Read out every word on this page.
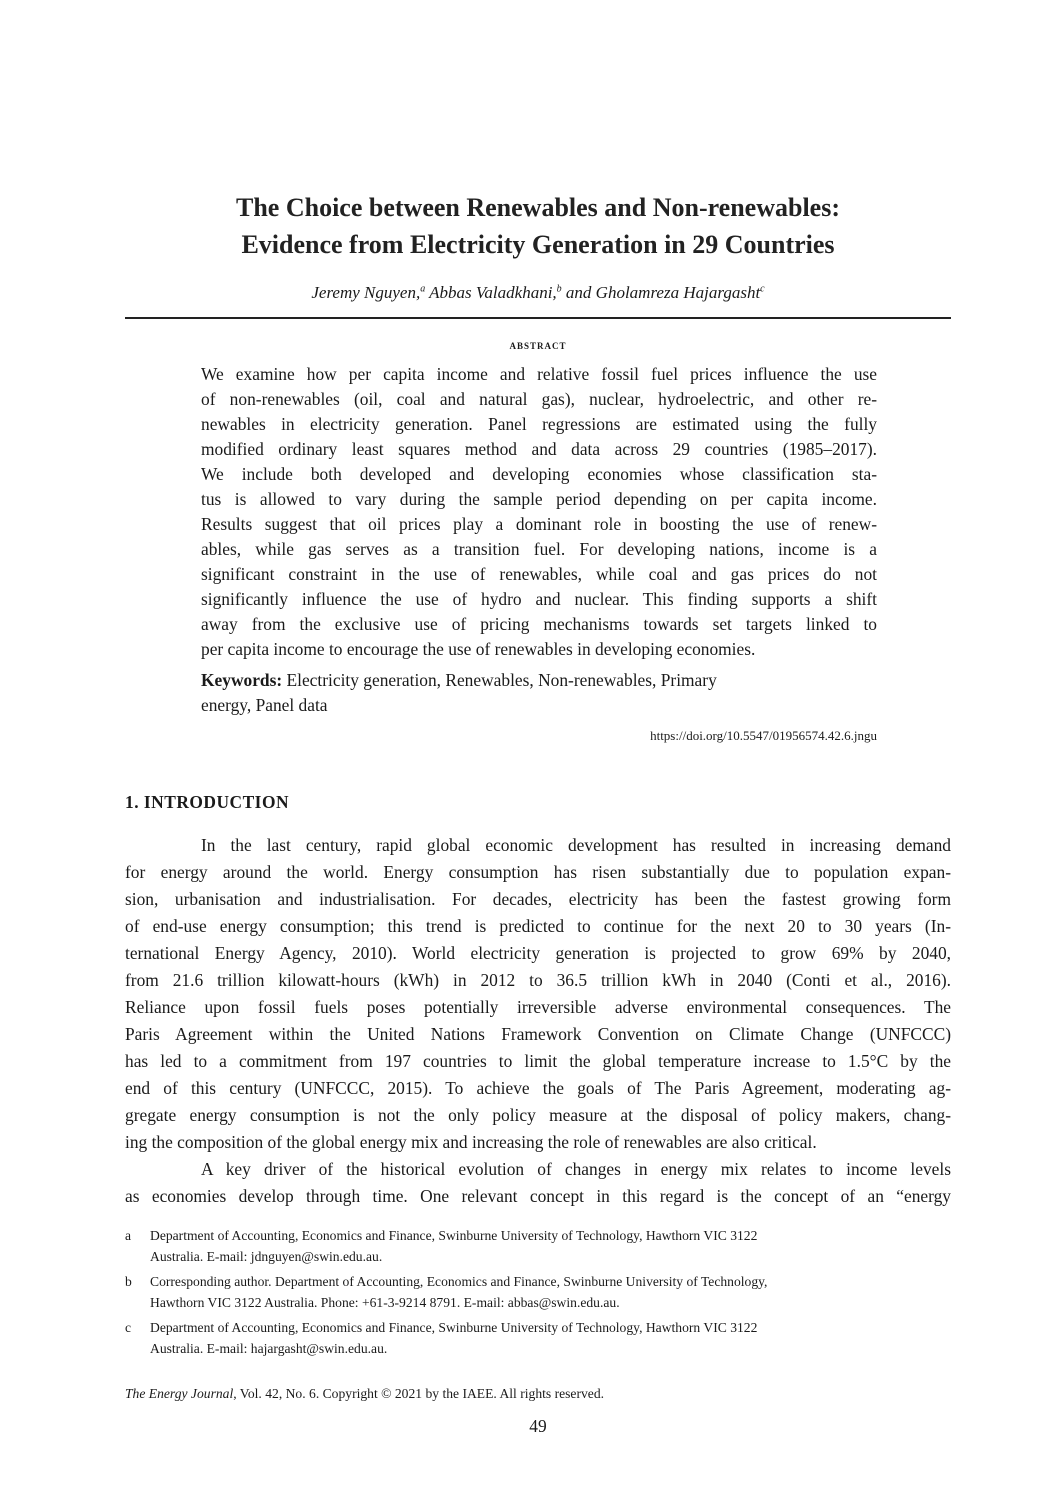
The Choice between Renewables and Non-renewables:
Evidence from Electricity Generation in 29 Countries
Jeremy Nguyen,$^a$ Abbas Valadkhani,$^b$ and Gholamreza Hajargasht$^c$
abstract
We examine how per capita income and relative fossil fuel prices influence the use
of non-renewables (oil, coal and natural gas), nuclear, hydroelectric, and other re-
newables in electricity generation. Panel regressions are estimated using the fully
modified ordinary least squares method and data across 29 countries (1985–2017).
We include both developed and developing economies whose classification sta-
tus is allowed to vary during the sample period depending on per capita income.
Results suggest that oil prices play a dominant role in boosting the use of renew-
ables, while gas serves as a transition fuel. For developing nations, income is a
significant constraint in the use of renewables, while coal and gas prices do not
significantly influence the use of hydro and nuclear. This finding supports a shift
away from the exclusive use of pricing mechanisms towards set targets linked to
per capita income to encourage the use of renewables in developing economies.
Keywords: Electricity generation, Renewables, Non-renewables, Primary
energy, Panel data
https://doi.org/10.5547/01956574.42.6.jngu
1. INTRODUCTION
In the last century, rapid global economic development has resulted in increasing demand
for energy around the world. Energy consumption has risen substantially due to population expan-
sion, urbanisation and industrialisation. For decades, electricity has been the fastest growing form
of end-use energy consumption; this trend is predicted to continue for the next 20 to 30 years (In-
ternational Energy Agency, 2010). World electricity generation is projected to grow 69% by 2040,
from 21.6 trillion kilowatt-hours (kWh) in 2012 to 36.5 trillion kWh in 2040 (Conti et al., 2016).
Reliance upon fossil fuels poses potentially irreversible adverse environmental consequences. The
Paris Agreement within the United Nations Framework Convention on Climate Change (UNFCCC)
has led to a commitment from 197 countries to limit the global temperature increase to 1.5°C by the
end of this century (UNFCCC, 2015). To achieve the goals of The Paris Agreement, moderating ag-
gregate energy consumption is not the only policy measure at the disposal of policy makers, chang-
ing the composition of the global energy mix and increasing the role of renewables are also critical.
A key driver of the historical evolution of changes in energy mix relates to income levels
as economies develop through time. One relevant concept in this regard is the concept of an “energy
a Department of Accounting, Economics and Finance, Swinburne University of Technology, Hawthorn VIC 3122
Australia. E-mail: jdnguyen@swin.edu.au.
b Corresponding author. Department of Accounting, Economics and Finance, Swinburne University of Technology,
Hawthorn VIC 3122 Australia. Phone: +61-3-9214 8791. E-mail: abbas@swin.edu.au.
c Department of Accounting, Economics and Finance, Swinburne University of Technology, Hawthorn VIC 3122
Australia. E-mail: hajargasht@swin.edu.au.
The Energy Journal, Vol. 42, No. 6. Copyright © 2021 by the IAEE. All rights reserved.
49
